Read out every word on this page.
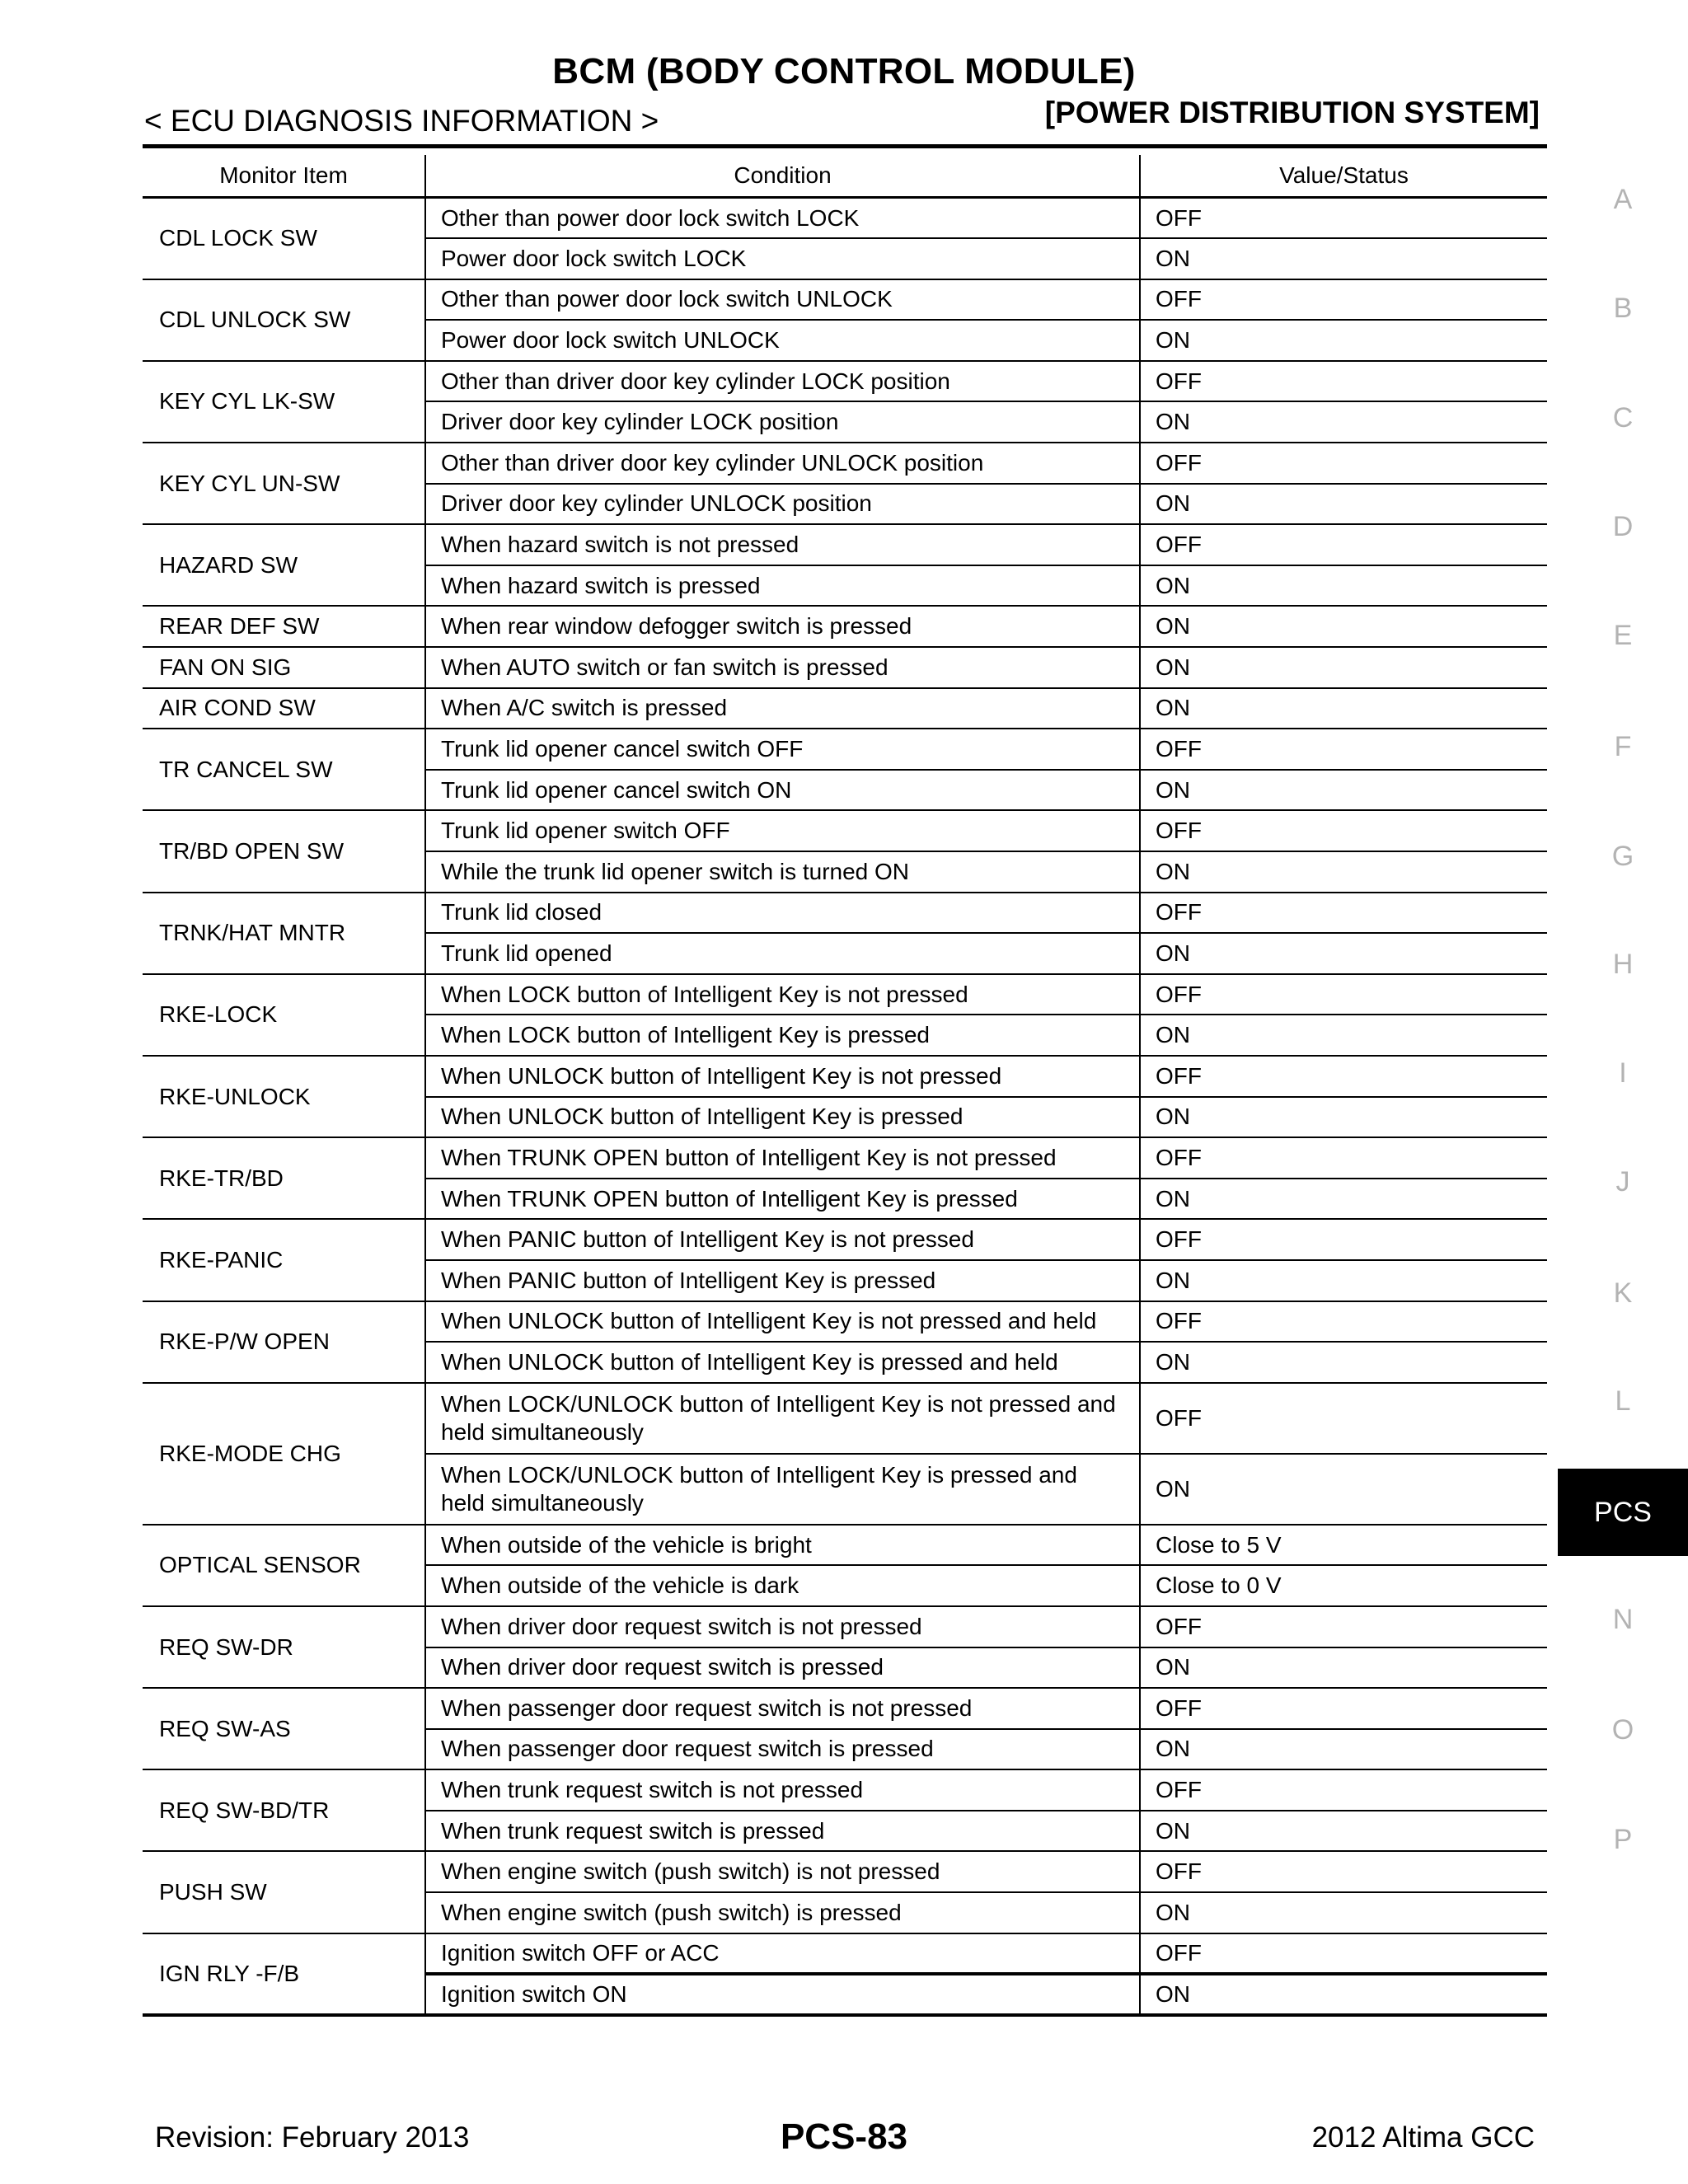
BCM (BODY CONTROL MODULE)
< ECU DIAGNOSIS INFORMATION >	[POWER DISTRIBUTION SYSTEM]
Monitor Item	Condition	Value/Status
CDL LOCK SW	Other than power door lock switch LOCK	OFF
	Power door lock switch LOCK	ON
CDL UNLOCK SW	Other than power door lock switch UNLOCK	OFF
	Power door lock switch UNLOCK	ON
KEY CYL LK-SW	Other than driver door key cylinder LOCK position	OFF
	Driver door key cylinder LOCK position	ON
KEY CYL UN-SW	Other than driver door key cylinder UNLOCK position	OFF
	Driver door key cylinder UNLOCK position	ON
HAZARD SW	When hazard switch is not pressed	OFF
	When hazard switch is pressed	ON
REAR DEF SW	When rear window defogger switch is pressed	ON
FAN ON SIG	When AUTO switch or fan switch is pressed	ON
AIR COND SW	When A/C switch is pressed	ON
TR CANCEL SW	Trunk lid opener cancel switch OFF	OFF
	Trunk lid opener cancel switch ON	ON
TR/BD OPEN SW	Trunk lid opener switch OFF	OFF
	While the trunk lid opener switch is turned ON	ON
TRNK/HAT MNTR	Trunk lid closed	OFF
	Trunk lid opened	ON
RKE-LOCK	When LOCK button of Intelligent Key is not pressed	OFF
	When LOCK button of Intelligent Key is pressed	ON
RKE-UNLOCK	When UNLOCK button of Intelligent Key is not pressed	OFF
	When UNLOCK button of Intelligent Key is pressed	ON
RKE-TR/BD	When TRUNK OPEN button of Intelligent Key is not pressed	OFF
	When TRUNK OPEN button of Intelligent Key is pressed	ON
RKE-PANIC	When PANIC button of Intelligent Key is not pressed	OFF
	When PANIC button of Intelligent Key is pressed	ON
RKE-P/W OPEN	When UNLOCK button of Intelligent Key is not pressed and held	OFF
	When UNLOCK button of Intelligent Key is pressed and held	ON
RKE-MODE CHG	When LOCK/UNLOCK button of Intelligent Key is not pressed and held simultaneously	OFF
	When LOCK/UNLOCK button of Intelligent Key is pressed and held simultaneously	ON
OPTICAL SENSOR	When outside of the vehicle is bright	Close to 5 V
	When outside of the vehicle is dark	Close to 0 V
REQ SW-DR	When driver door request switch is not pressed	OFF
	When driver door request switch is pressed	ON
REQ SW-AS	When passenger door request switch is not pressed	OFF
	When passenger door request switch is pressed	ON
REQ SW-BD/TR	When trunk request switch is not pressed	OFF
	When trunk request switch is pressed	ON
PUSH SW	When engine switch (push switch) is not pressed	OFF
	When engine switch (push switch) is pressed	ON
IGN RLY -F/B	Ignition switch OFF or ACC	OFF
	Ignition switch ON	ON
A
B
C
D
E
F
G
H
I
J
K
L
PCS
N
O
P
Revision: February 2013	PCS-83	2012 Altima GCC
